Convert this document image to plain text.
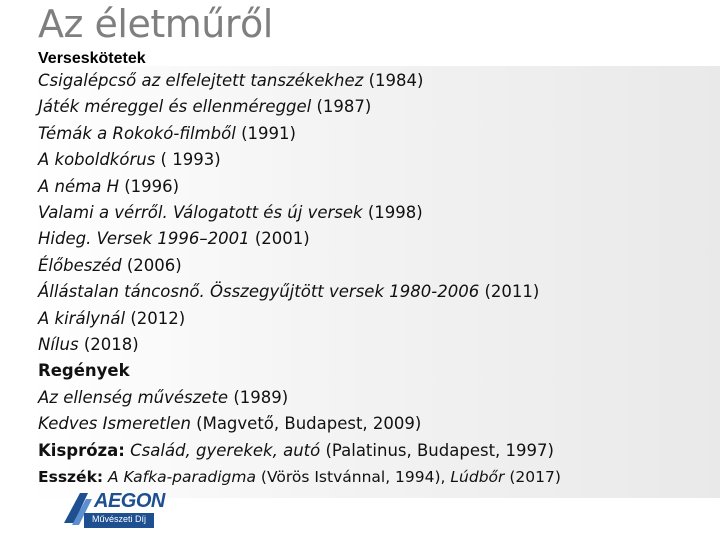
Az életműről
Verseskötetek
Csigalépcső az elfelejtett tanszékekhez (1984)
Játék méreggel és ellenméreggel (1987)
Témák a Rokokó-filmből (1991)
A koboldkórus ( 1993)
A néma H (1996)
Valami a vérről. Válogatott és új versek (1998)
Hideg. Versek 1996–2001 (2001)
Élőbeszéd (2006)
Állástalan táncosnő. Összegyűjtött versek 1980-2006 (2011)
A királynál (2012)
Nílus (2018)
Regények
Az ellenség művészete (1989)
Kedves Ismeretlen (Magvető, Budapest, 2009)
Kispróza: Család, gyerekek, autó (Palatinus, Budapest, 1997)
Esszék: A Kafka-paradigma (Vörös Istvánnal, 1994), Lúdbőr (2017)
AEGON
Művészeti Díj
